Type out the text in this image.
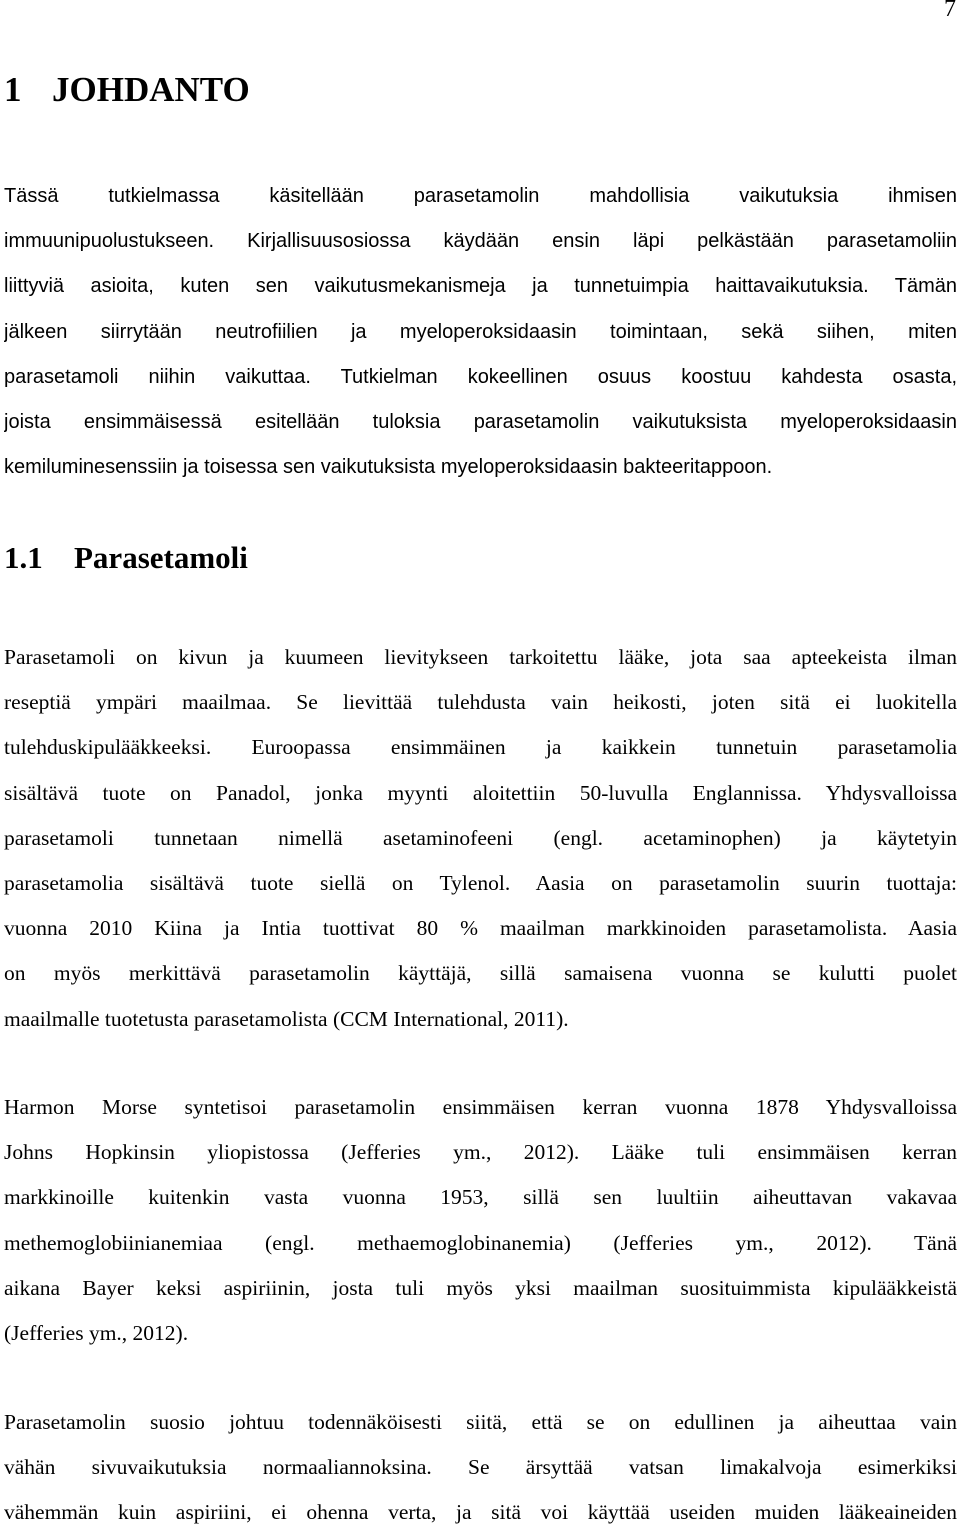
7
1 JOHDANTO
Tässä tutkielmassa käsitellään parasetamolin mahdollisia vaikutuksia ihmisen
immuunipuolustukseen. Kirjallisuusosiossa käydään ensin läpi pelkästään parasetamoliin
liittyviä asioita, kuten sen vaikutusmekanismeja ja tunnetuimpia haittavaikutuksia. Tämän
jälkeen siirrytään neutrofiilien ja myeloperoksidaasin toimintaan, sekä siihen, miten
parasetamoli niihin vaikuttaa. Tutkielman kokeellinen osuus koostuu kahdesta osasta,
joista ensimmäisessä esitellään tuloksia parasetamolin vaikutuksista myeloperoksidaasin
kemiluminesenssiin ja toisessa sen vaikutuksista myeloperoksidaasin bakteeritappoon.
1.1 Parasetamoli
Parasetamoli on kivun ja kuumeen lievitykseen tarkoitettu lääke, jota saa apteekeista ilman
reseptiä ympäri maailmaa. Se lievittää tulehdusta vain heikosti, joten sitä ei luokitella
tulehduskipulääkkeeksi. Euroopassa ensimmäinen ja kaikkein tunnetuin parasetamolia
sisältävä tuote on Panadol, jonka myynti aloitettiin 50-luvulla Englannissa. Yhdysvalloissa
parasetamoli tunnetaan nimellä asetaminofeeni (engl. acetaminophen) ja käytetyin
parasetamolia sisältävä tuote siellä on Tylenol. Aasia on parasetamolin suurin tuottaja:
vuonna 2010 Kiina ja Intia tuottivat 80 % maailman markkinoiden parasetamolista. Aasia
on myös merkittävä parasetamolin käyttäjä, sillä samaisena vuonna se kulutti puolet
maailmalle tuotetusta parasetamolista (CCM International, 2011).
Harmon Morse syntetisoi parasetamolin ensimmäisen kerran vuonna 1878 Yhdysvalloissa
Johns Hopkinsin yliopistossa (Jefferies ym., 2012). Lääke tuli ensimmäisen kerran
markkinoille kuitenkin vasta vuonna 1953, sillä sen luultiin aiheuttavan vakavaa
methemoglobiinianemiaa (engl. methaemoglobinanemia) (Jefferies ym., 2012). Tänä
aikana Bayer keksi aspiriinin, josta tuli myös yksi maailman suosituimmista kipulääkkeistä
(Jefferies ym., 2012).
Parasetamolin suosio johtuu todennäköisesti siitä, että se on edullinen ja aiheuttaa vain
vähän sivuvaikutuksia normaaliannoksina. Se ärsyttää vatsan limakalvoja esimerkiksi
vähemmän kuin aspiriini, ei ohenna verta, ja sitä voi käyttää useiden muiden lääkeaineiden
